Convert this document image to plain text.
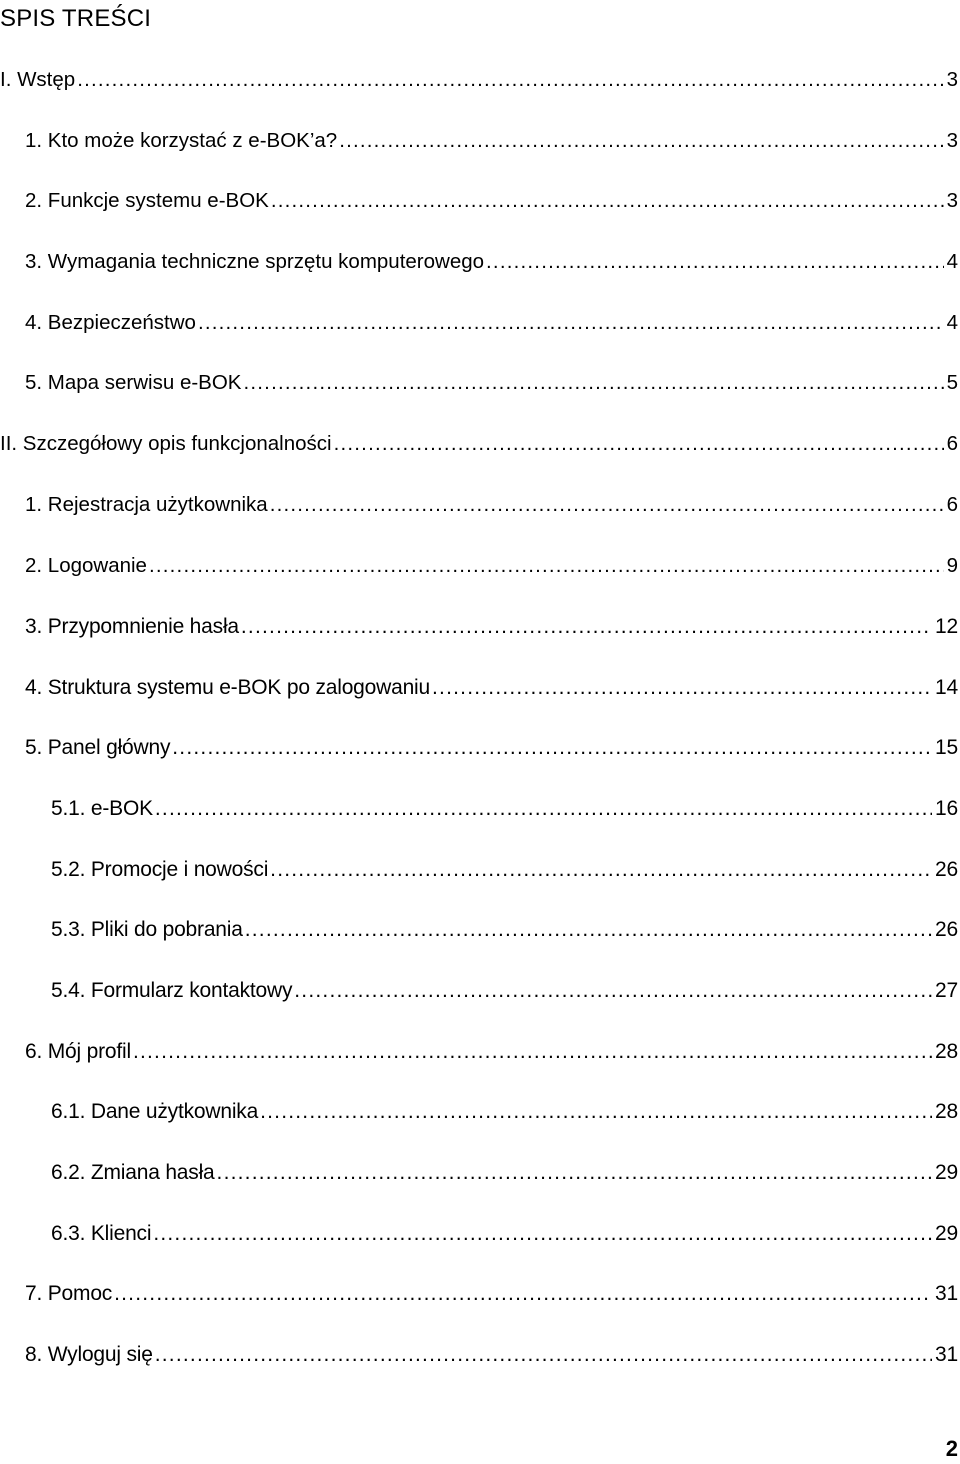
SPIS TREŚCI
I. Wstęp .....	3
1. Kto może korzystać z e-BOK’a? .....	3
2. Funkcje systemu e-BOK .....	3
3. Wymagania techniczne sprzętu komputerowego .....	4
4. Bezpieczeństwo .....	4
5. Mapa serwisu e-BOK .....	5
II. Szczegółowy opis funkcjonalności .....	6
1. Rejestracja użytkownika .....	6
2. Logowanie .....	9
3. Przypomnienie hasła .....	12
4. Struktura systemu e-BOK po zalogowaniu .....	14
5. Panel główny .....	15
5.1. e-BOK .....	16
5.2. Promocje i nowości .....	26
5.3. Pliki do pobrania .....	26
5.4. Formularz kontaktowy .....	27
6. Mój profil .....	28
6.1. Dane użytkownika .....	28
6.2. Zmiana hasła .....	29
6.3. Klienci .....	29
7. Pomoc .....	31
8. Wyloguj się .....	31
2
